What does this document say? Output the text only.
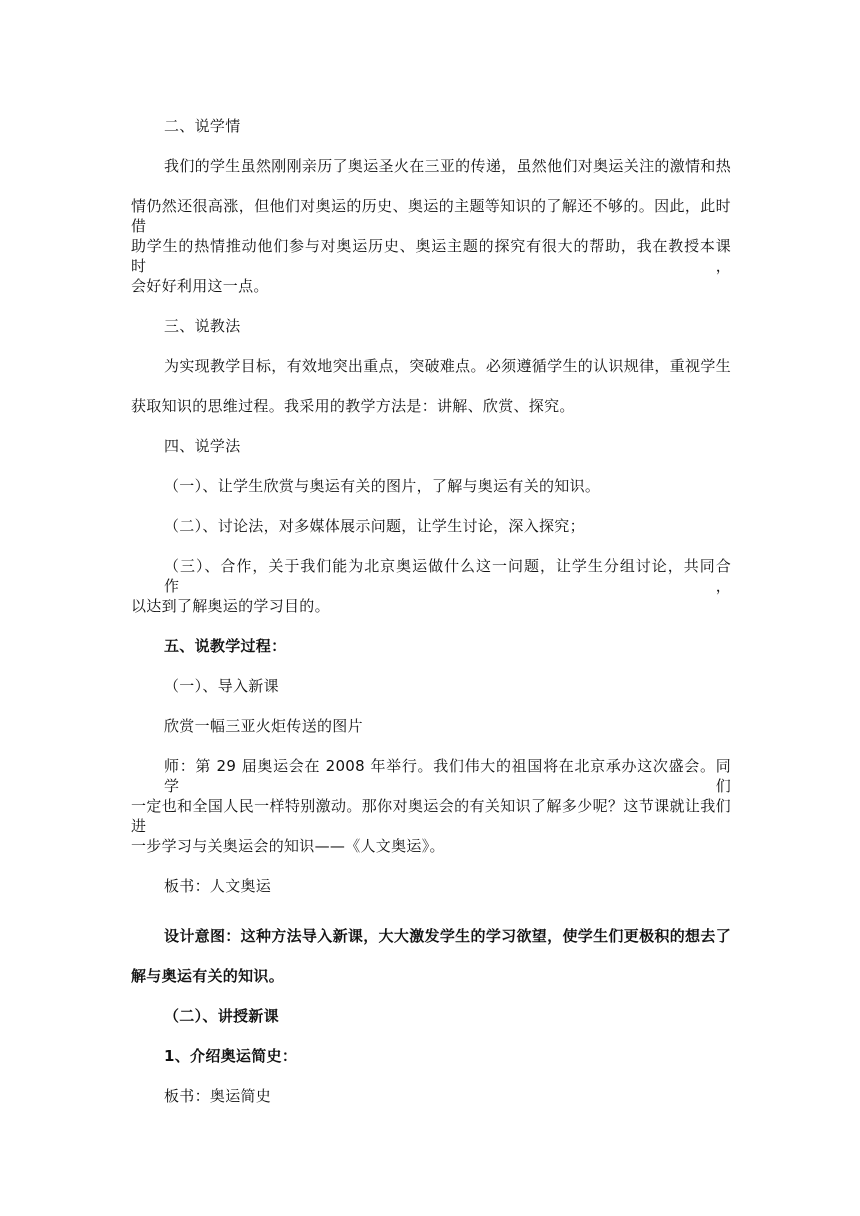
二、说学情
我们的学生虽然刚刚亲历了奥运圣火在三亚的传递，虽然他们对奥运关注的激情和热
情仍然还很高涨，但他们对奥运的历史、奥运的主题等知识的了解还不够的。因此，此时借
助学生的热情推动他们参与对奥运历史、奥运主题的探究有很大的帮助，我在教授本课时，
会好好利用这一点。
三、说教法
为实现教学目标，有效地突出重点，突破难点。必须遵循学生的认识规律，重视学生
获取知识的思维过程。我采用的教学方法是：讲解、欣赏、探究。
四、说学法
（一）、让学生欣赏与奥运有关的图片，了解与奥运有关的知识。
（二）、讨论法，对多媒体展示问题，让学生讨论，深入探究；
（三）、合作，关于我们能为北京奥运做什么这一问题，让学生分组讨论，共同合作，
以达到了解奥运的学习目的。
五、说教学过程：
（一）、导入新课
欣赏一幅三亚火炬传送的图片
师：第 29 届奥运会在 2008 年举行。我们伟大的祖国将在北京承办这次盛会。同学们
一定也和全国人民一样特别激动。那你对奥运会的有关知识了解多少呢？这节课就让我们进
一步学习与关奥运会的知识——《人文奥运》。
板书：人文奥运
设计意图：这种方法导入新课，大大激发学生的学习欲望，使学生们更极积的想去了
解与奥运有关的知识。
（二）、讲授新课
1、介绍奥运简史：
板书：奥运简史
